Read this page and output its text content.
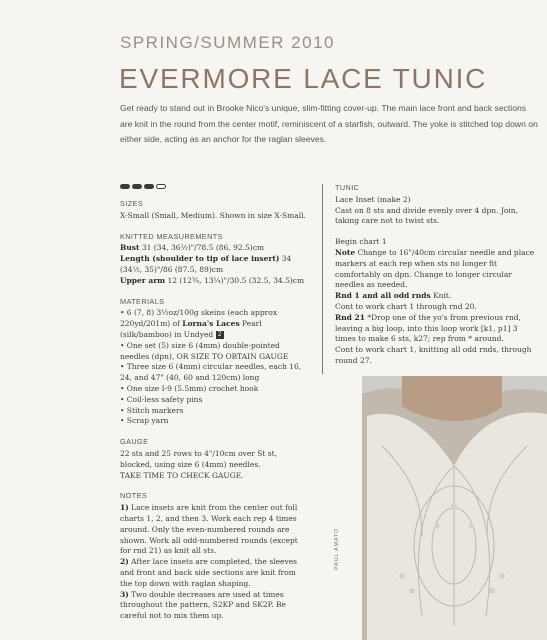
SPRING/SUMMER 2010
EVERMORE LACE TUNIC
Get ready to stand out in Brooke Nico's unique, slim-fitting cover-up. The main lace front and back sections are knit in the round from the center motif, reminiscent of a starfish, outward. The yoke is stitched top down on either side, acting as an anchor for the raglan sleeves.
SIZES
X-Small (Small, Medium). Shown in size X-Small.
KNITTED MEASUREMENTS
Bust 31 (34, 36½)"/78.5 (86, 92.5)cm
Length (shoulder to tip of lace insert) 34 (34½, 35)"/86 (87.5, 89)cm
Upper arm 12 (12¾, 13¼)"/30.5 (32.5, 34.5)cm
MATERIALS
• 6 (7, 8) 3½oz/100g skeins (each approx 220yd/201m) of Lorna's Laces Pearl (silk/bamboo) in Undyed 2
• One set (5) size 6 (4mm) double-pointed needles (dpn), OR SIZE TO OBTAIN GAUGE
• Three size 6 (4mm) circular needles, each 16, 24, and 47" (40, 60 and 120cm) long
• One size I-9 (5.5mm) crochet hook
• Coil-less safety pins
• Stitch markers
• Scrap yarn
GAUGE
22 sts and 25 rows to 4"/10cm over St st, blocked, using size 6 (4mm) needles.
TAKE TIME TO CHECK GAUGE.
NOTES
1) Lace insets are knit from the center out foll charts 1, 2, and then 3. Work each rep 4 times around. Only the even-numbered rounds are shown. Work all odd-numbered rounds (except for rnd 21) as knit all sts.
2) After lace insets are completed, the sleeves and front and back side sections are knit from the top down with raglan shaping.
3) Two double decreases are used at times throughout the pattern, S2KP and SK2P. Be careful not to mix them up.
TUNIC
Lace Inset (make 2)
Cast on 8 sts and divide evenly over 4 dpn. Join, taking care not to twist sts.
Begin chart 1
Note Change to 16"/40cm circular needle and place markers at each rep when sts no longer fit comfortably on dpn. Change to longer circular needles as needed.
Rnd 1 and all odd rnds Knit.
Cont to work chart 1 through rnd 20.
Rnd 21 *Drop one of the yo's from previous rnd, leaving a big loop, into this loop work [k1, p1] 3 times to make 6 sts, k27; rep from * around.
Cont to work chart 1, knitting all odd rnds, through round 27.
PAUL AMATO
